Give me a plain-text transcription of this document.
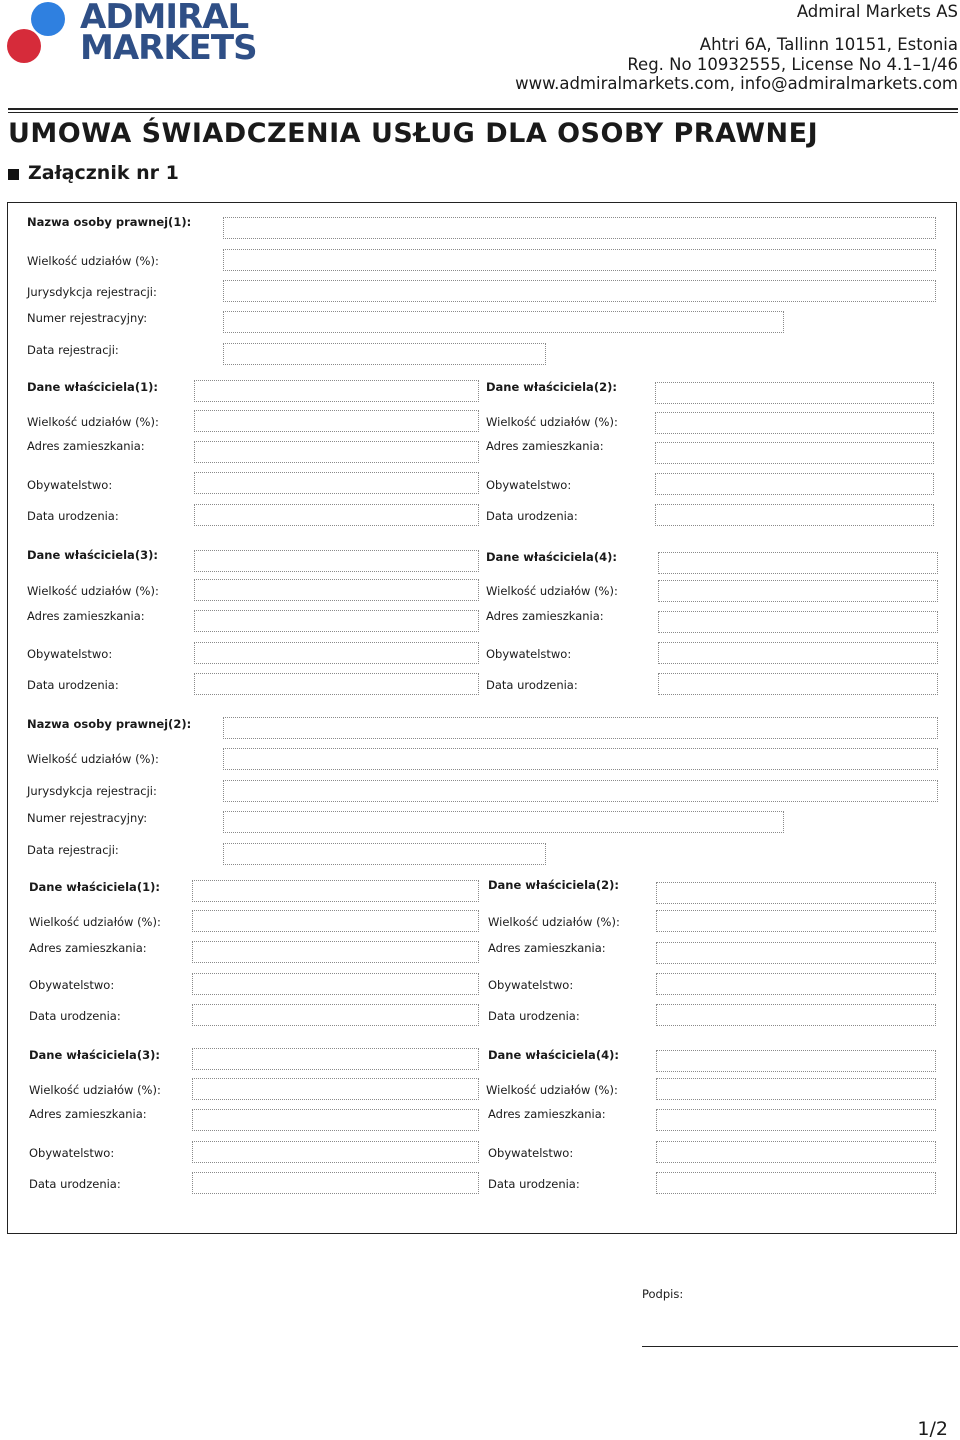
ADMIRAL
MARKETS
Admiral Markets AS
Ahtri 6A, Tallinn 10151, Estonia
Reg. No 10932555, License No 4.1–1/46
www.admiralmarkets.com, info@admiralmarkets.com
UMOWA ŚWIADCZENIA USŁUG DLA OSOBY PRAWNEJ
Załącznik nr 1
Nazwa osoby prawnej(1):
Wielkość udziałów (%):
Jurysdykcja rejestracji:
Numer rejestracyjny:
Data rejestracji:
Dane właściciela(1):
Wielkość udziałów (%):
Adres zamieszkania:
Obywatelstwo:
Data urodzenia:
Dane właściciela(2):
Wielkość udziałów (%):
Adres zamieszkania:
Obywatelstwo:
Data urodzenia:
Dane właściciela(3):
Wielkość udziałów (%):
Adres zamieszkania:
Obywatelstwo:
Data urodzenia:
Dane właściciela(4):
Wielkość udziałów (%):
Adres zamieszkania:
Obywatelstwo:
Data urodzenia:
Nazwa osoby prawnej(2):
Wielkość udziałów (%):
Jurysdykcja rejestracji:
Numer rejestracyjny:
Data rejestracji:
Dane właściciela(1):
Wielkość udziałów (%):
Adres zamieszkania:
Obywatelstwo:
Data urodzenia:
Dane właściciela(2):
Wielkość udziałów (%):
Adres zamieszkania:
Obywatelstwo:
Data urodzenia:
Dane właściciela(3):
Wielkość udziałów (%):
Adres zamieszkania:
Obywatelstwo:
Data urodzenia:
Dane właściciela(4):
Wielkość udziałów (%):
Adres zamieszkania:
Obywatelstwo:
Data urodzenia:
Podpis:
1/2
